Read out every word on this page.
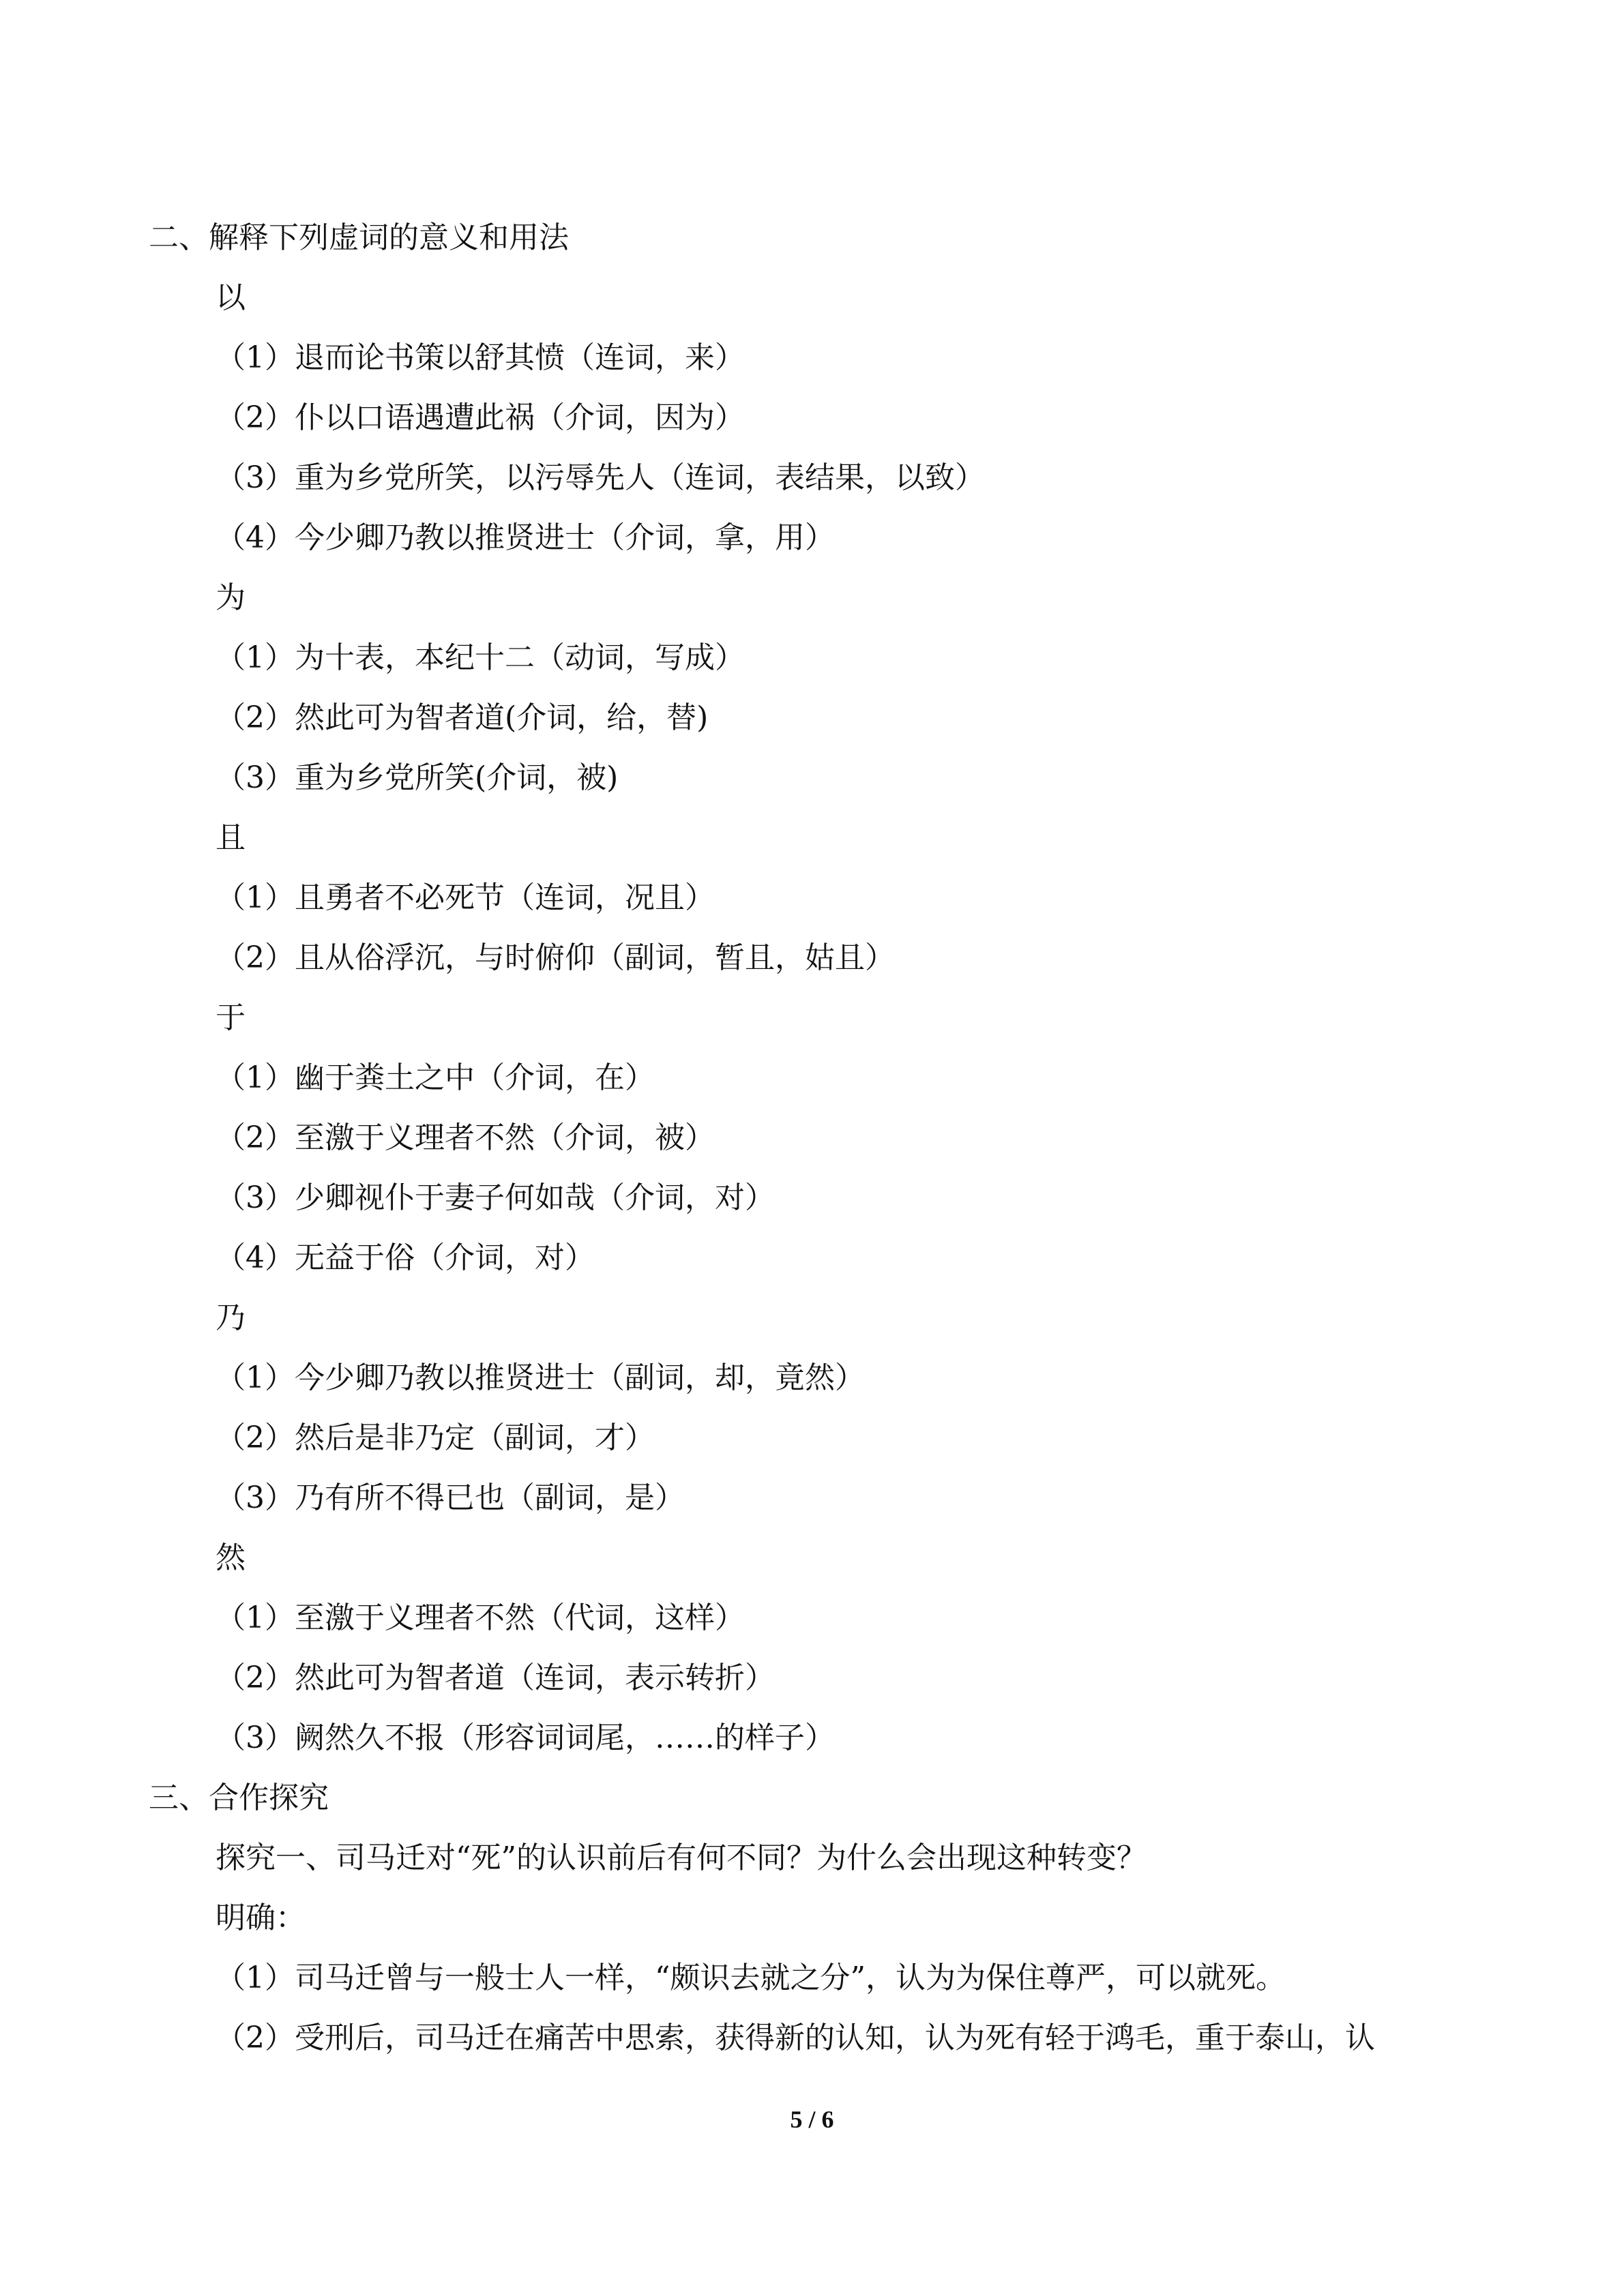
二、解释下列虚词的意义和用法
以
（1）退而论书策以舒其愤（连词，来）
（2）仆以口语遇遭此祸（介词，因为）
（3）重为乡党所笑，以污辱先人（连词，表结果，以致）
（4）今少卿乃教以推贤进士（介词，拿，用）
为
（1）为十表，本纪十二（动词，写成）
（2）然此可为智者道(介词，给，替)
（3）重为乡党所笑(介词，被)
且
（1）且勇者不必死节（连词，况且）
（2）且从俗浮沉，与时俯仰（副词，暂且，姑且）
于
（1）幽于粪土之中（介词，在）
（2）至激于义理者不然（介词，被）
（3）少卿视仆于妻子何如哉（介词，对）
（4）无益于俗（介词，对）
乃
（1）今少卿乃教以推贤进士（副词，却，竟然）
（2）然后是非乃定（副词，才）
（3）乃有所不得已也（副词，是）
然
（1）至激于义理者不然（代词，这样）
（2）然此可为智者道（连词，表示转折）
（3）阙然久不报（形容词词尾，……的样子）
三、合作探究
探究一、司马迁对“死”的认识前后有何不同？为什么会出现这种转变？
明确：
（1）司马迁曾与一般士人一样，“颇识去就之分”，认为为保住尊严，可以就死。
（2）受刑后，司马迁在痛苦中思索，获得新的认知，认为死有轻于鸿毛，重于泰山，认
5 / 6
